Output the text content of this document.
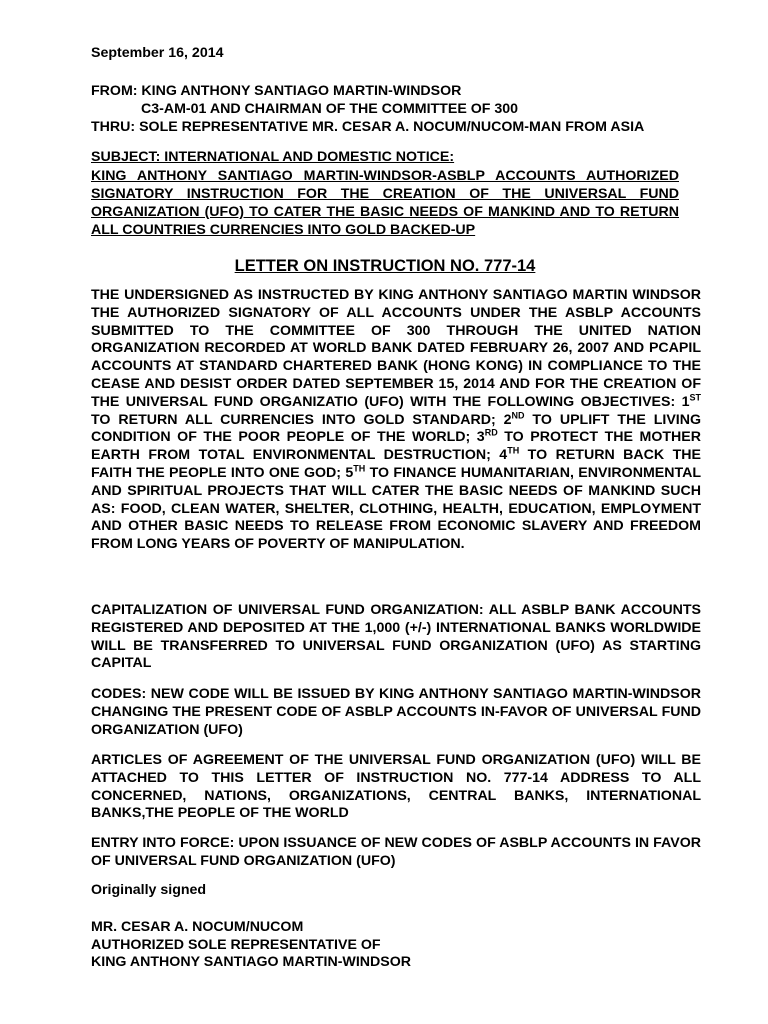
September 16, 2014
FROM: KING ANTHONY SANTIAGO MARTIN-WINDSOR
C3-AM-01 AND CHAIRMAN OF THE COMMITTEE OF 300
THRU: SOLE REPRESENTATIVE MR. CESAR A. NOCUM/NUCOM-MAN FROM ASIA
SUBJECT: INTERNATIONAL AND DOMESTIC NOTICE:
KING ANTHONY SANTIAGO MARTIN-WINDSOR-ASBLP ACCOUNTS AUTHORIZED SIGNATORY INSTRUCTION FOR THE CREATION OF THE UNIVERSAL FUND ORGANIZATION (UFO) TO CATER THE BASIC NEEDS OF MANKIND AND TO RETURN ALL COUNTRIES CURRENCIES INTO GOLD BACKED-UP
LETTER ON INSTRUCTION NO. 777-14
THE UNDERSIGNED AS INSTRUCTED BY KING ANTHONY SANTIAGO MARTIN WINDSOR THE AUTHORIZED SIGNATORY OF ALL ACCOUNTS UNDER THE ASBLP ACCOUNTS SUBMITTED TO THE COMMITTEE OF 300 THROUGH THE UNITED NATION ORGANIZATION RECORDED AT WORLD BANK DATED FEBRUARY 26, 2007 AND PCAPIL ACCOUNTS AT STANDARD CHARTERED BANK (HONG KONG) IN COMPLIANCE TO THE CEASE AND DESIST ORDER DATED SEPTEMBER 15, 2014 AND FOR THE CREATION OF THE UNIVERSAL FUND ORGANIZATIO (UFO) WITH THE FOLLOWING OBJECTIVES: 1ST TO RETURN ALL CURRENCIES INTO GOLD STANDARD; 2ND TO UPLIFT THE LIVING CONDITION OF THE POOR PEOPLE OF THE WORLD; 3RD TO PROTECT THE MOTHER EARTH FROM TOTAL ENVIRONMENTAL DESTRUCTION; 4TH TO RETURN BACK THE FAITH THE PEOPLE INTO ONE GOD; 5TH TO FINANCE HUMANITARIAN, ENVIRONMENTAL AND SPIRITUAL PROJECTS THAT WILL CATER THE BASIC NEEDS OF MANKIND SUCH AS: FOOD, CLEAN WATER, SHELTER, CLOTHING, HEALTH, EDUCATION, EMPLOYMENT AND OTHER BASIC NEEDS TO RELEASE FROM ECONOMIC SLAVERY AND FREEDOM FROM LONG YEARS OF POVERTY OF MANIPULATION.
CAPITALIZATION OF UNIVERSAL FUND ORGANIZATION: ALL ASBLP BANK ACCOUNTS REGISTERED AND DEPOSITED AT THE 1,000 (+/-) INTERNATIONAL BANKS WORLDWIDE WILL BE TRANSFERRED TO UNIVERSAL FUND ORGANIZATION (UFO) AS STARTING CAPITAL
CODES: NEW CODE WILL BE ISSUED BY KING ANTHONY SANTIAGO MARTIN-WINDSOR CHANGING THE PRESENT CODE OF ASBLP ACCOUNTS IN-FAVOR OF UNIVERSAL FUND ORGANIZATION (UFO)
ARTICLES OF AGREEMENT OF THE UNIVERSAL FUND ORGANIZATION (UFO) WILL BE ATTACHED TO THIS LETTER OF INSTRUCTION NO. 777-14 ADDRESS TO ALL CONCERNED, NATIONS, ORGANIZATIONS, CENTRAL BANKS, INTERNATIONAL BANKS,THE PEOPLE OF THE WORLD
ENTRY INTO FORCE: UPON ISSUANCE OF NEW CODES OF ASBLP ACCOUNTS IN FAVOR OF UNIVERSAL FUND ORGANIZATION (UFO)
Originally signed
MR. CESAR A. NOCUM/NUCOM
AUTHORIZED SOLE REPRESENTATIVE OF
KING ANTHONY SANTIAGO MARTIN-WINDSOR
